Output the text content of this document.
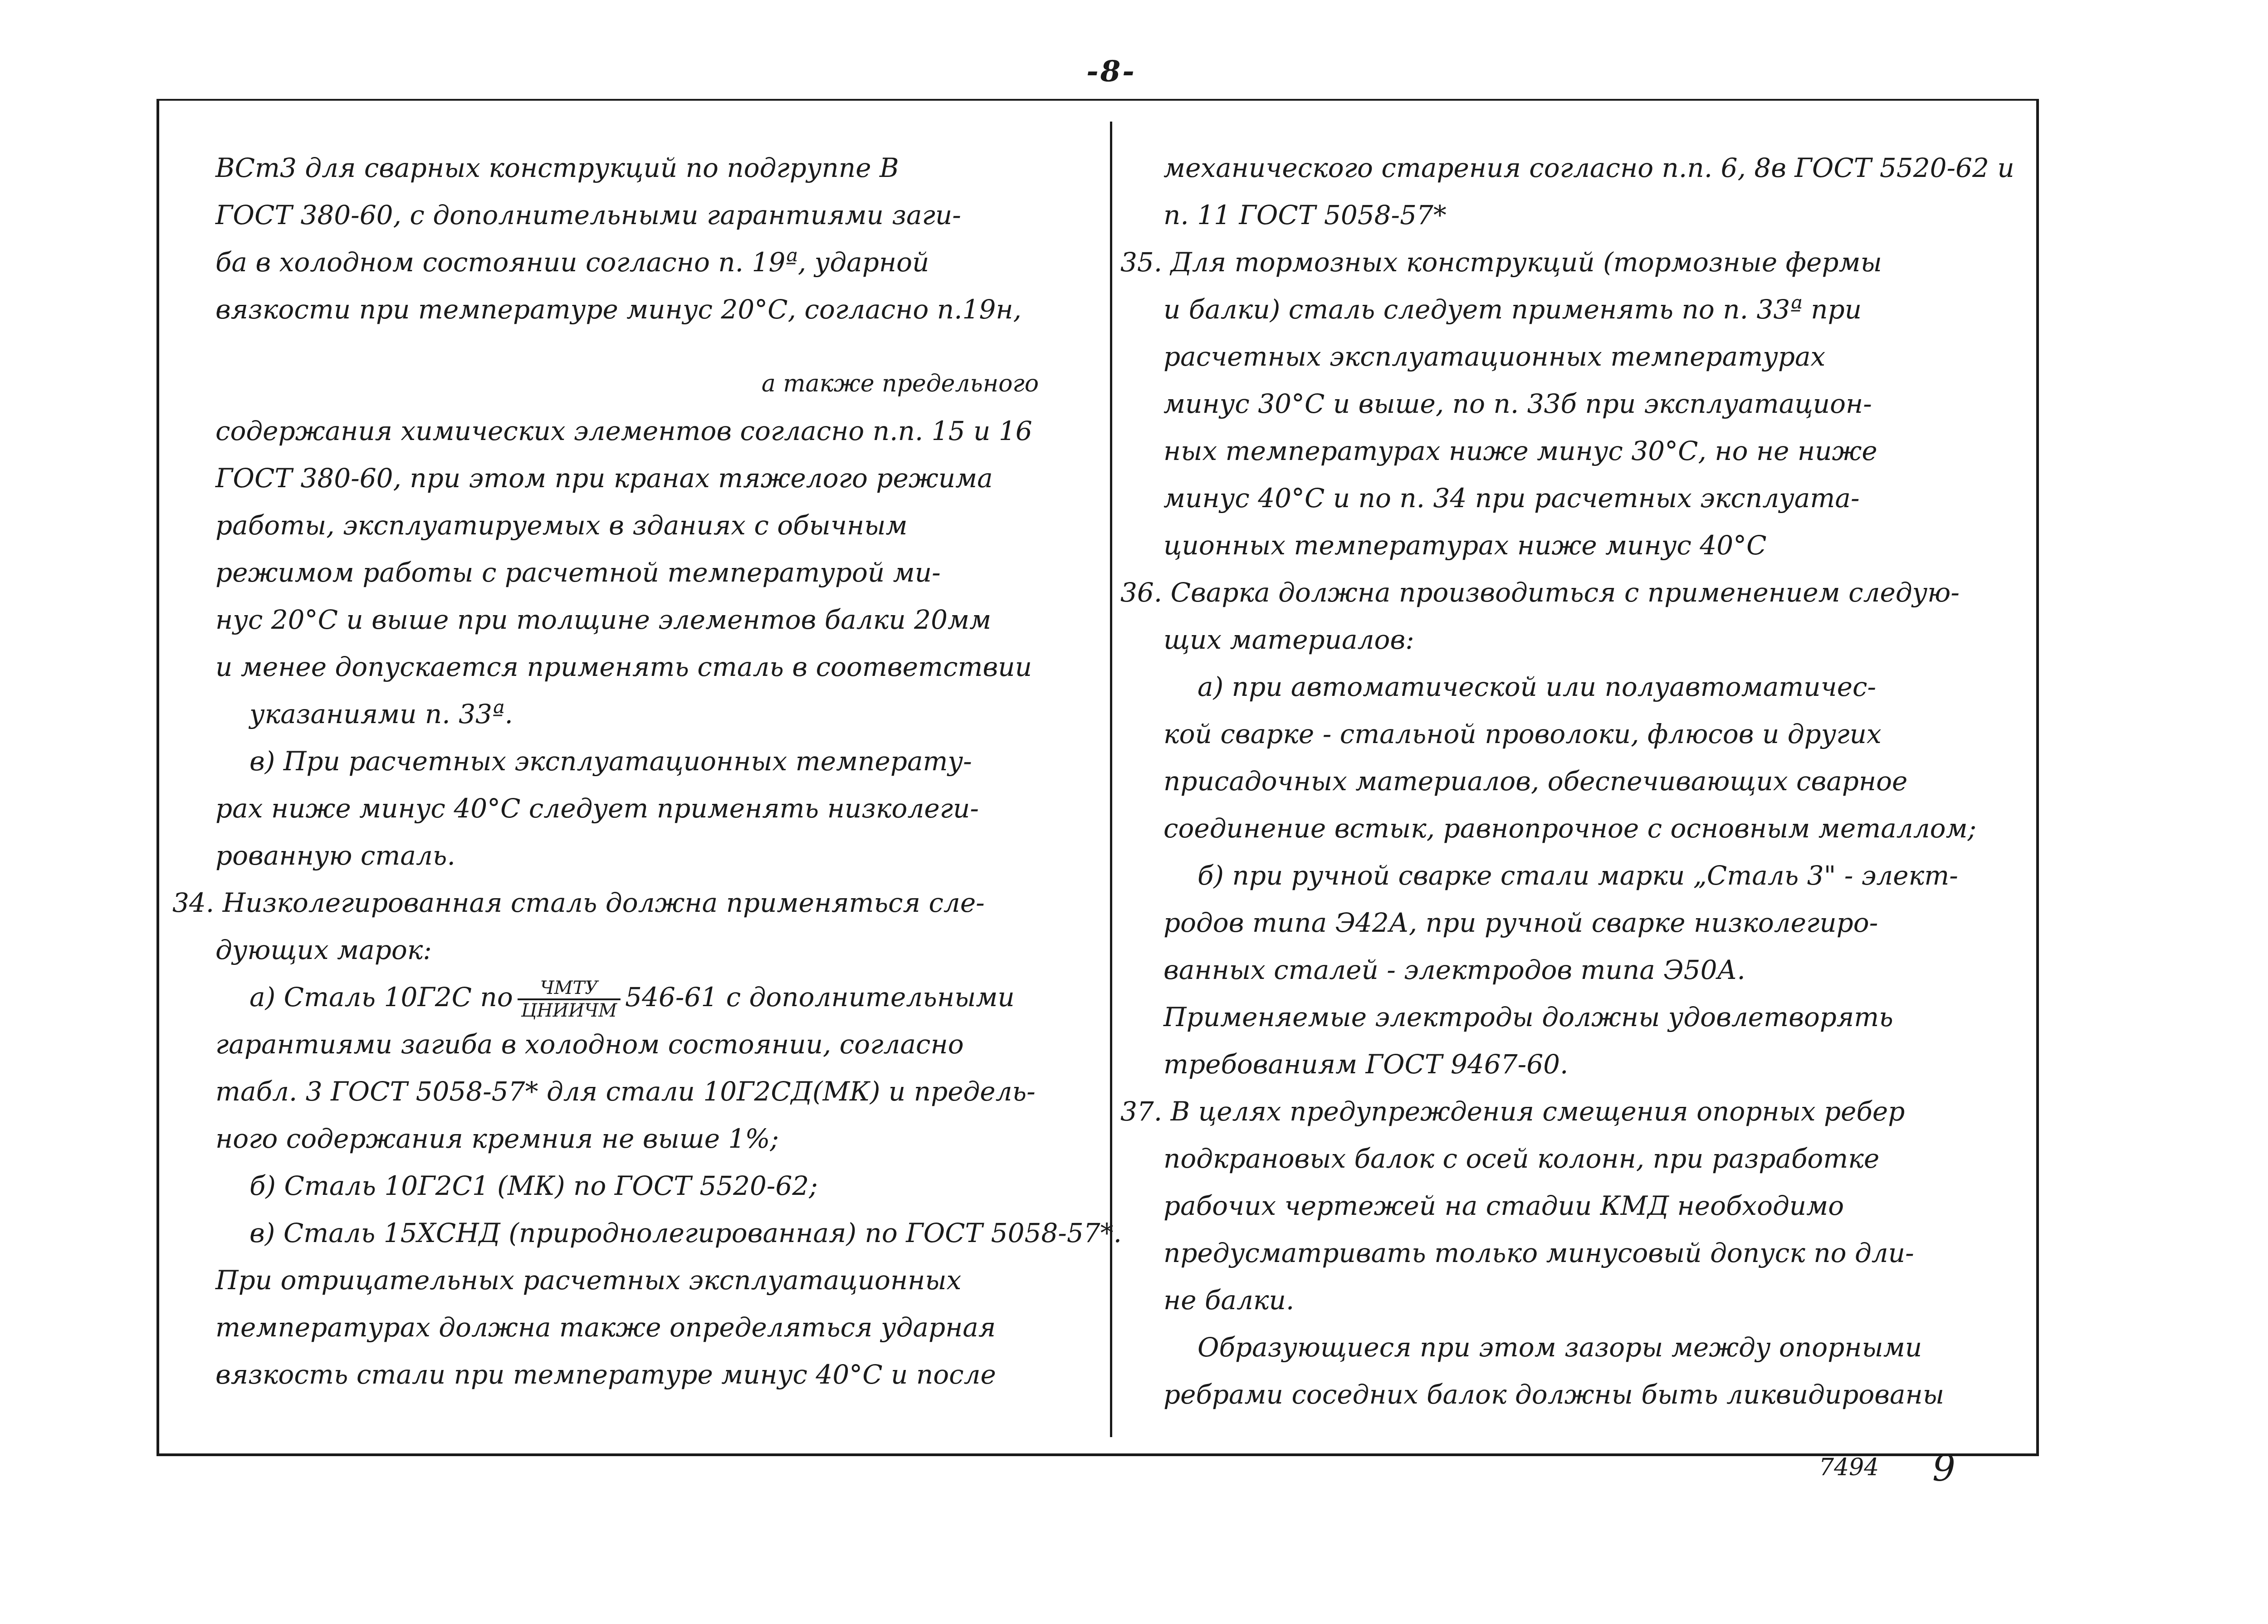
-8-
ВСт3 для сварных конструкций по подгруппе В
ГОСТ 380-60, с дополнительными гарантиями заги-
ба в холодном состоянии согласно п. 19ª, ударной
вязкости при температуре минус 20°С, согласно п.19н,
а также предельного
содержания химических элементов согласно п.п. 15 и 16
ГОСТ 380-60, при этом при кранах тяжелого режима
работы, эксплуатируемых в зданиях с обычным
режимом работы с расчетной температурой ми-
нус 20°С и выше при толщине элементов балки 20мм
и менее допускается применять сталь в соответствии
указаниями п. 33ª.
в) При расчетных эксплуатационных температу-
рах ниже минус 40°С следует применять низколеги-
рованную сталь.
34. Низколегированная сталь должна применяться сле-
дующих марок:
а) Сталь 10Г2С по $\frac{\text{ЧМТУ}}{\text{ЦНИИЧМ}} 546-61$ с дополнительными
гарантиями загиба в холодном состоянии, согласно
табл. 3 ГОСТ 5058-57* для стали 10Г2СД(МК) и предель-
ного содержания кремния не выше 1%;
б) Сталь 10Г2С1 (МК) по ГОСТ 5520-62;
в) Сталь 15ХСНД (природнолегированная) по ГОСТ 5058-57*.
При отрицательных расчетных эксплуатационных
температурах должна также определяться ударная
вязкость стали при температуре минус 40°С и после
механического старения согласно п.п. 6, 8в ГОСТ 5520-62 и
п. 11 ГОСТ 5058-57*
35. Для тормозных конструкций (тормозные фермы
и балки) сталь следует применять по п. 33ª при
расчетных эксплуатационных температурах
минус 30°С и выше, по п. 33б при эксплуатацион-
ных температурах ниже минус 30°С, но не ниже
минус 40°С и по п. 34 при расчетных эксплуата-
ционных температурах ниже минус 40°С
36. Сварка должна производиться с применением следую-
щих материалов:
а) при автоматической или полуавтоматичес-
кой сварке - стальной проволоки, флюсов и других
присадочных материалов, обеспечивающих сварное
соединение встык, равнопрочное с основным металлом;
б) при ручной сварке стали марки „Сталь 3" - элект-
родов типа Э42А, при ручной сварке низколегиро-
ванных сталей - электродов типа Э50А.
Применяемые электроды должны удовлетворять
требованиям ГОСТ 9467-60.
37. В целях предупреждения смещения опорных ребер
подкрановых балок с осей колонн, при разработке
рабочих чертежей на стадии КМД необходимо
предусматривать только минусовый допуск по дли-
не балки.
Образующиеся при этом зазоры между опорными
ребрами соседних балок должны быть ликвидированы
7494 9
